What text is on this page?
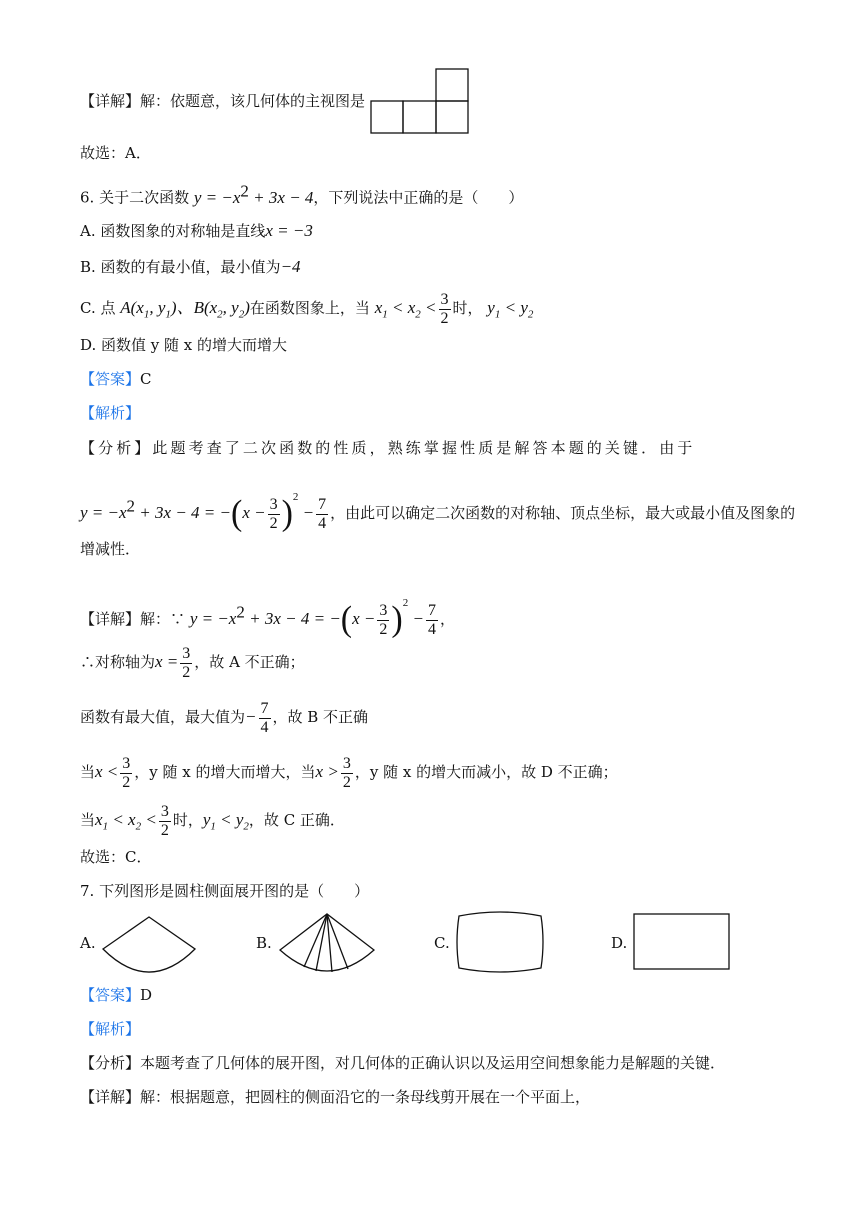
【详解】解：依题意，该几何体的主视图是
故选：A．
6. 关于二次函数 $y = -x^2 + 3x - 4$，下列说法中正确的是（　　）
A. 函数图象的对称轴是直线x = −3
B. 函数的有最小值，最小值为−4
C. 点 $A(x_1$, $y_1$)、$B(x_2$, $y_2$)在函数图象上，当 $x_1 < x_2 < \frac{3}{2}$ 时， $y_1 < y_2$
D. 函数值 y 随 x 的增大而增大
【答案】C
【解析】
【分析】此题考查了二次函数的性质，熟练掌握性质是解答本题的关键．由于
$y = -x^2 + 3x - 4 = -(x - \frac{3}{2} )^2 - \frac{7}{4}$ ，由此可以确定二次函数的对称轴、顶点坐标，最大或最小值及图象的
增减性．
【详解】解：∵ $y = -x^2 + 3x - 4 = -(x - \frac{3}{2} )^2 - \frac{7}{4}$ ，
∴对称轴为$x = \frac{3}{2}$ ，故 A 不正确；
函数有最大值，最大值为− $\frac{7}{4}$ ，故 B 不正确
当$x < \frac{3}{2}$ ，y 随 x 的增大而增大，当$x > \frac{3}{2}$ ，y 随 x 的增大而减小，故 D 不正确；
当$x_1 < x_2 < \frac{3}{2}$ 时，$y_1 < y_2$，故 C 正确．
故选：C．
7. 下列图形是圆柱侧面展开图的是（　　）
A.	B.	C.	D.
【答案】D
【解析】
【分析】本题考查了几何体的展开图，对几何体的正确认识以及运用空间想象能力是解题的关键．
【详解】解：根据题意，把圆柱的侧面沿它的一条母线剪开展在一个平面上，
